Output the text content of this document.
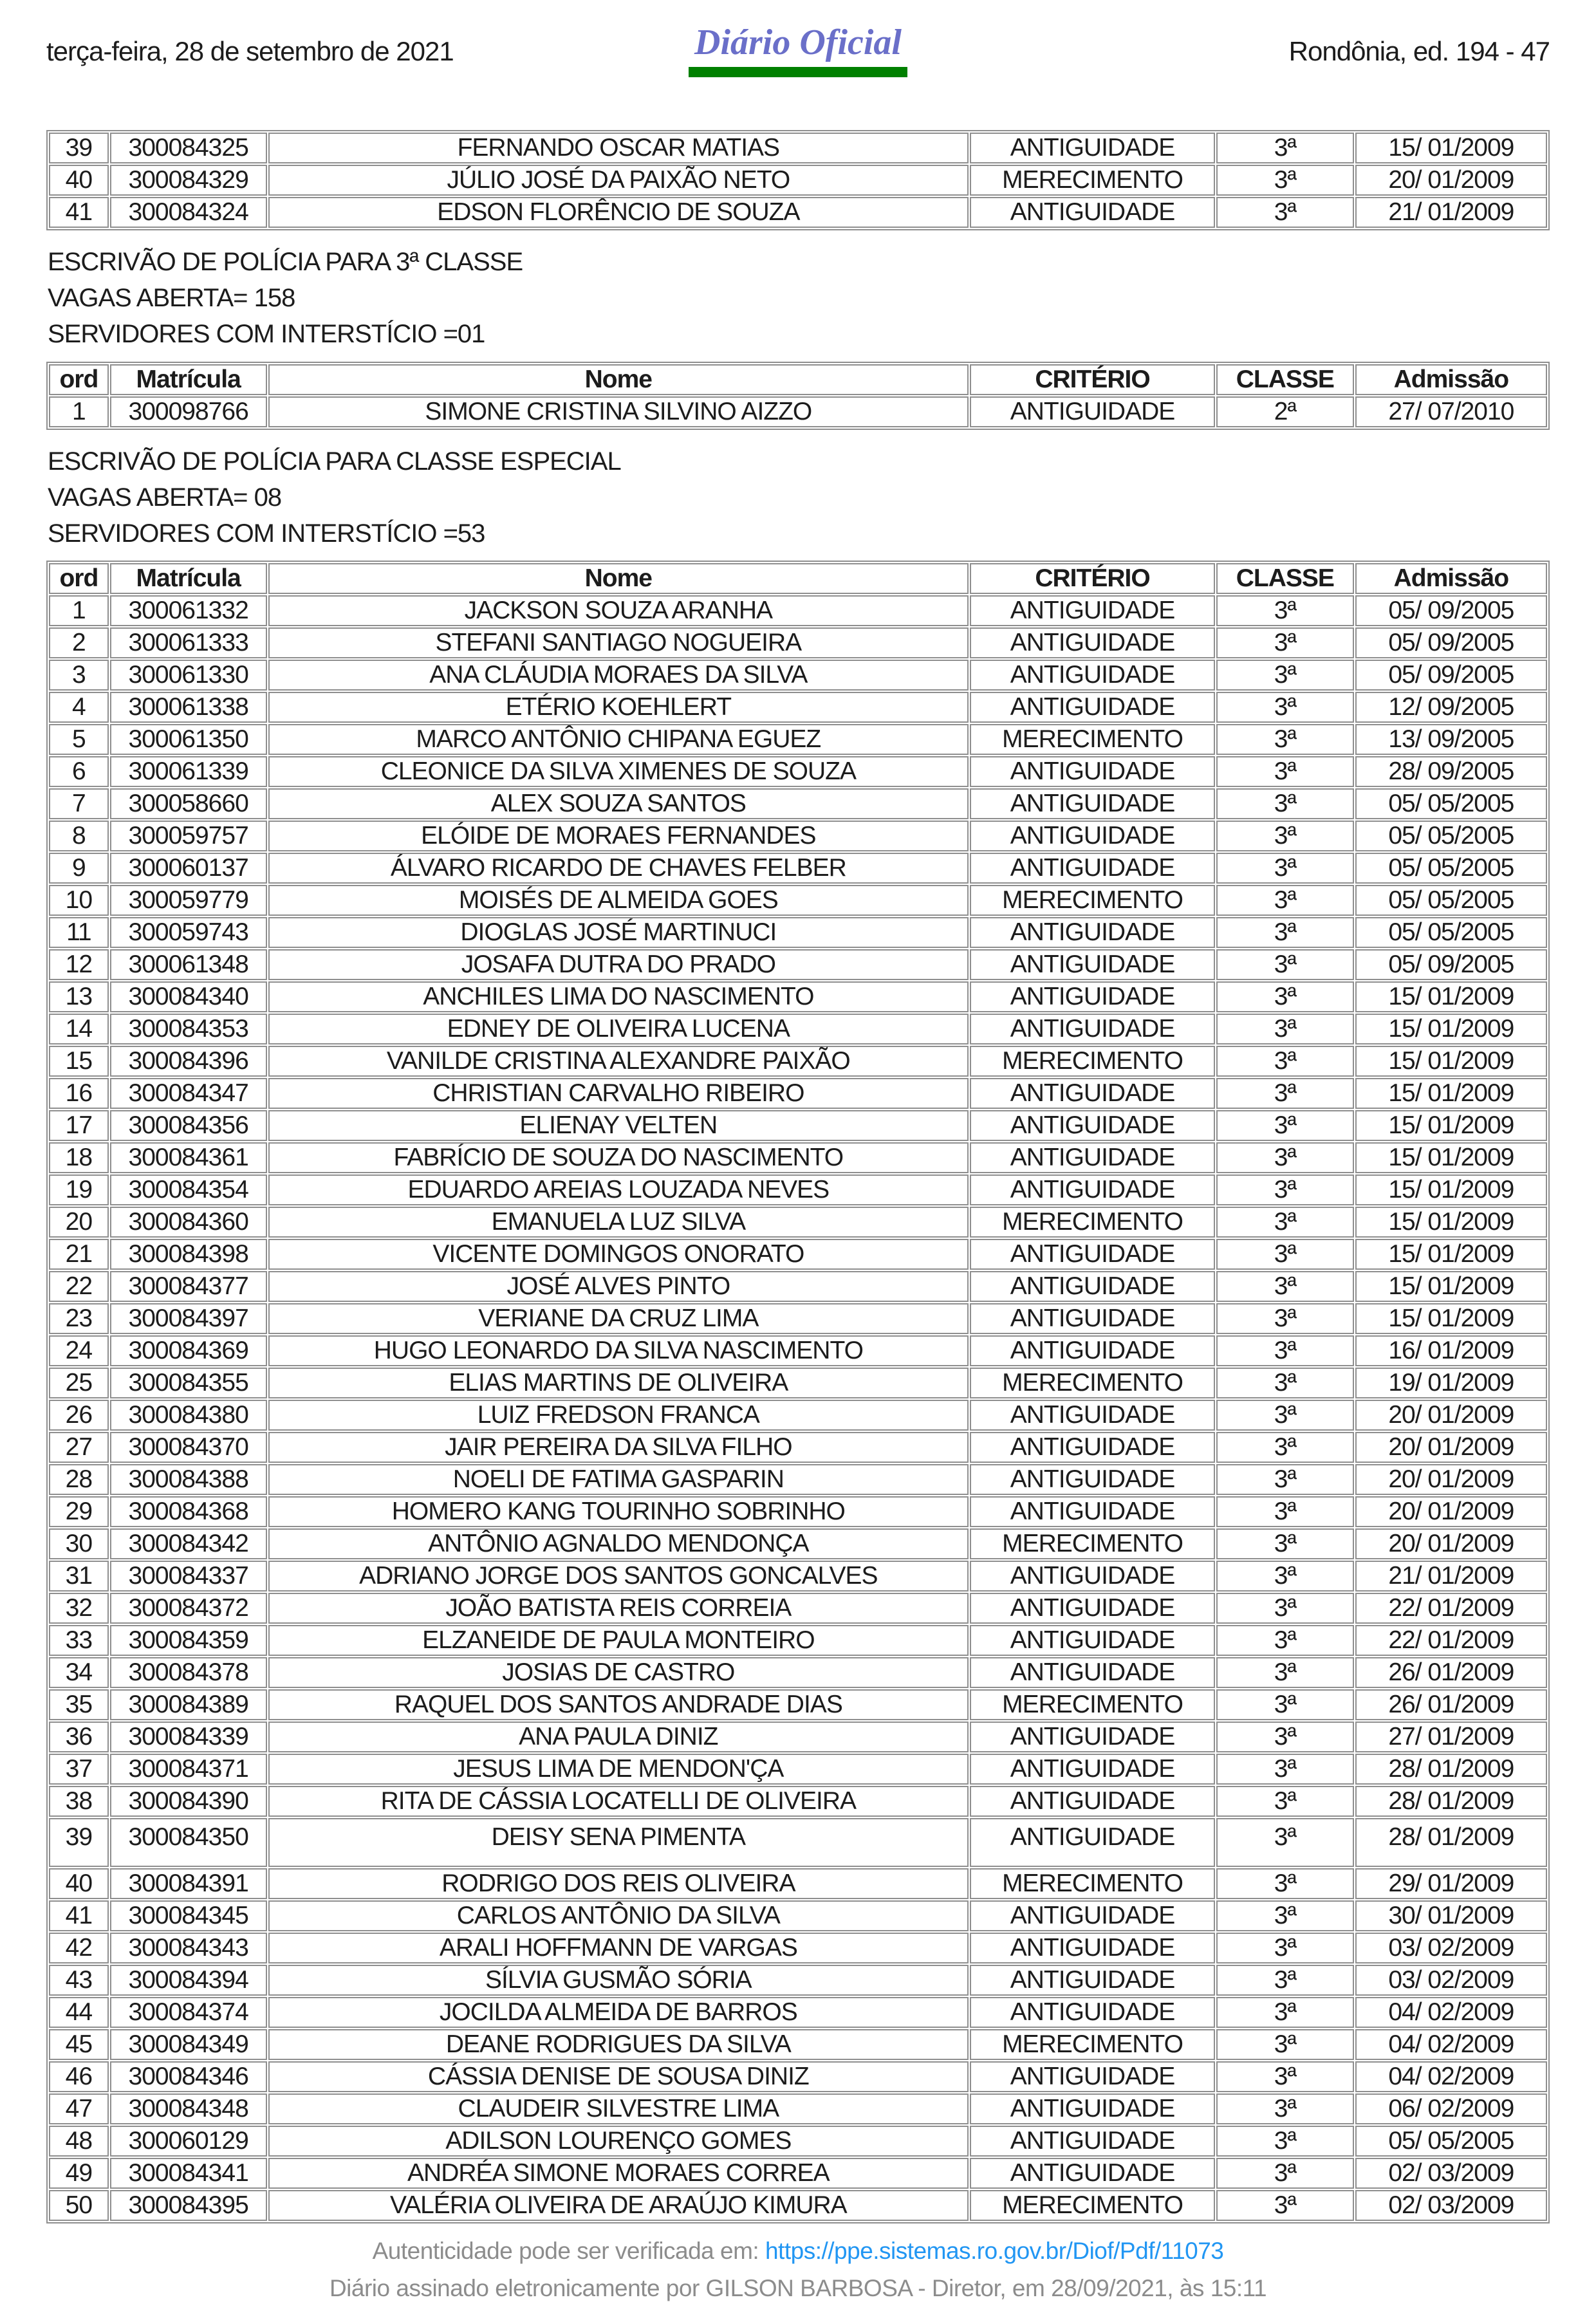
terça-feira, 28 de setembro de 2021	Diário Oficial	Rondônia, ed. 194 - 47
39	300084325	FERNANDO OSCAR MATIAS	ANTIGUIDADE	3ª	15/ 01/2009
40	300084329	JÚLIO JOSÉ DA PAIXÃO NETO	MERECIMENTO	3ª	20/ 01/2009
41	300084324	EDSON FLORÊNCIO DE SOUZA	ANTIGUIDADE	3ª	21/ 01/2009

ESCRIVÃO DE POLÍCIA PARA 3ª CLASSE

VAGAS ABERTA= 158

SERVIDORES COM INTERSTÍCIO =01

ord	Matrícula	Nome	CRITÉRIO	CLASSE	Admissão
1	300098766	SIMONE CRISTINA SILVINO AIZZO	ANTIGUIDADE	2ª	27/ 07/2010

ESCRIVÃO DE POLÍCIA PARA CLASSE ESPECIAL

VAGAS ABERTA= 08

SERVIDORES COM INTERSTÍCIO =53

ord	Matrícula	Nome	CRITÉRIO	CLASSE	Admissão
1	300061332	JACKSON SOUZA ARANHA	ANTIGUIDADE	3ª	05/ 09/2005
2	300061333	STEFANI SANTIAGO NOGUEIRA	ANTIGUIDADE	3ª	05/ 09/2005
3	300061330	ANA CLÁUDIA MORAES DA SILVA	ANTIGUIDADE	3ª	05/ 09/2005
4	300061338	ETÉRIO KOEHLERT	ANTIGUIDADE	3ª	12/ 09/2005
5	300061350	MARCO ANTÔNIO CHIPANA EGUEZ	MERECIMENTO	3ª	13/ 09/2005
6	300061339	CLEONICE DA SILVA XIMENES DE SOUZA	ANTIGUIDADE	3ª	28/ 09/2005
7	300058660	ALEX SOUZA SANTOS	ANTIGUIDADE	3ª	05/ 05/2005
8	300059757	ELÓIDE DE MORAES FERNANDES	ANTIGUIDADE	3ª	05/ 05/2005
9	300060137	ÁLVARO RICARDO DE CHAVES FELBER	ANTIGUIDADE	3ª	05/ 05/2005
10	300059779	MOISÉS DE ALMEIDA GOES	MERECIMENTO	3ª	05/ 05/2005
11	300059743	DIOGLAS JOSÉ MARTINUCI	ANTIGUIDADE	3ª	05/ 05/2005
12	300061348	JOSAFA DUTRA DO PRADO	ANTIGUIDADE	3ª	05/ 09/2005
13	300084340	ANCHILES LIMA DO NASCIMENTO	ANTIGUIDADE	3ª	15/ 01/2009
14	300084353	EDNEY DE OLIVEIRA LUCENA	ANTIGUIDADE	3ª	15/ 01/2009
15	300084396	VANILDE CRISTINA ALEXANDRE PAIXÃO	MERECIMENTO	3ª	15/ 01/2009
16	300084347	CHRISTIAN CARVALHO RIBEIRO	ANTIGUIDADE	3ª	15/ 01/2009
17	300084356	ELIENAY VELTEN	ANTIGUIDADE	3ª	15/ 01/2009
18	300084361	FABRÍCIO DE SOUZA DO NASCIMENTO	ANTIGUIDADE	3ª	15/ 01/2009
19	300084354	EDUARDO AREIAS LOUZADA NEVES	ANTIGUIDADE	3ª	15/ 01/2009
20	300084360	EMANUELA LUZ SILVA	MERECIMENTO	3ª	15/ 01/2009
21	300084398	VICENTE DOMINGOS ONORATO	ANTIGUIDADE	3ª	15/ 01/2009
22	300084377	JOSÉ ALVES PINTO	ANTIGUIDADE	3ª	15/ 01/2009
23	300084397	VERIANE DA CRUZ LIMA	ANTIGUIDADE	3ª	15/ 01/2009
24	300084369	HUGO LEONARDO DA SILVA NASCIMENTO	ANTIGUIDADE	3ª	16/ 01/2009
25	300084355	ELIAS MARTINS DE OLIVEIRA	MERECIMENTO	3ª	19/ 01/2009
26	300084380	LUIZ FREDSON FRANCA	ANTIGUIDADE	3ª	20/ 01/2009
27	300084370	JAIR PEREIRA DA SILVA FILHO	ANTIGUIDADE	3ª	20/ 01/2009
28	300084388	NOELI DE FATIMA GASPARIN	ANTIGUIDADE	3ª	20/ 01/2009
29	300084368	HOMERO KANG TOURINHO SOBRINHO	ANTIGUIDADE	3ª	20/ 01/2009
30	300084342	ANTÔNIO AGNALDO MENDONÇA	MERECIMENTO	3ª	20/ 01/2009
31	300084337	ADRIANO JORGE DOS SANTOS GONCALVES	ANTIGUIDADE	3ª	21/ 01/2009
32	300084372	JOÃO BATISTA REIS CORREIA	ANTIGUIDADE	3ª	22/ 01/2009
33	300084359	ELZANEIDE DE PAULA MONTEIRO	ANTIGUIDADE	3ª	22/ 01/2009
34	300084378	JOSIAS DE CASTRO	ANTIGUIDADE	3ª	26/ 01/2009
35	300084389	RAQUEL DOS SANTOS ANDRADE DIAS	MERECIMENTO	3ª	26/ 01/2009
36	300084339	ANA PAULA DINIZ	ANTIGUIDADE	3ª	27/ 01/2009
37	300084371	JESUS LIMA DE MENDON'ÇA	ANTIGUIDADE	3ª	28/ 01/2009
38	300084390	RITA DE CÁSSIA LOCATELLI DE OLIVEIRA	ANTIGUIDADE	3ª	28/ 01/2009
39	300084350	DEISY SENA PIMENTA	ANTIGUIDADE	3ª	28/ 01/2009
40	300084391	RODRIGO DOS REIS OLIVEIRA	MERECIMENTO	3ª	29/ 01/2009
41	300084345	CARLOS ANTÔNIO DA SILVA	ANTIGUIDADE	3ª	30/ 01/2009
42	300084343	ARALI HOFFMANN DE VARGAS	ANTIGUIDADE	3ª	03/ 02/2009
43	300084394	SÍLVIA GUSMÃO SÓRIA	ANTIGUIDADE	3ª	03/ 02/2009
44	300084374	JOCILDA ALMEIDA DE BARROS	ANTIGUIDADE	3ª	04/ 02/2009
45	300084349	DEANE RODRIGUES DA SILVA	MERECIMENTO	3ª	04/ 02/2009
46	300084346	CÁSSIA DENISE DE SOUSA DINIZ	ANTIGUIDADE	3ª	04/ 02/2009
47	300084348	CLAUDEIR SILVESTRE LIMA	ANTIGUIDADE	3ª	06/ 02/2009
48	300060129	ADILSON LOURENÇO GOMES	ANTIGUIDADE	3ª	05/ 05/2005
49	300084341	ANDRÉA SIMONE MORAES CORREA	ANTIGUIDADE	3ª	02/ 03/2009
50	300084395	VALÉRIA OLIVEIRA DE ARAÚJO KIMURA	MERECIMENTO	3ª	02/ 03/2009
Autenticidade pode ser verificada em: https://ppe.sistemas.ro.gov.br/Diof/Pdf/11073
Diário assinado eletronicamente por GILSON BARBOSA - Diretor, em 28/09/2021, às 15:11
